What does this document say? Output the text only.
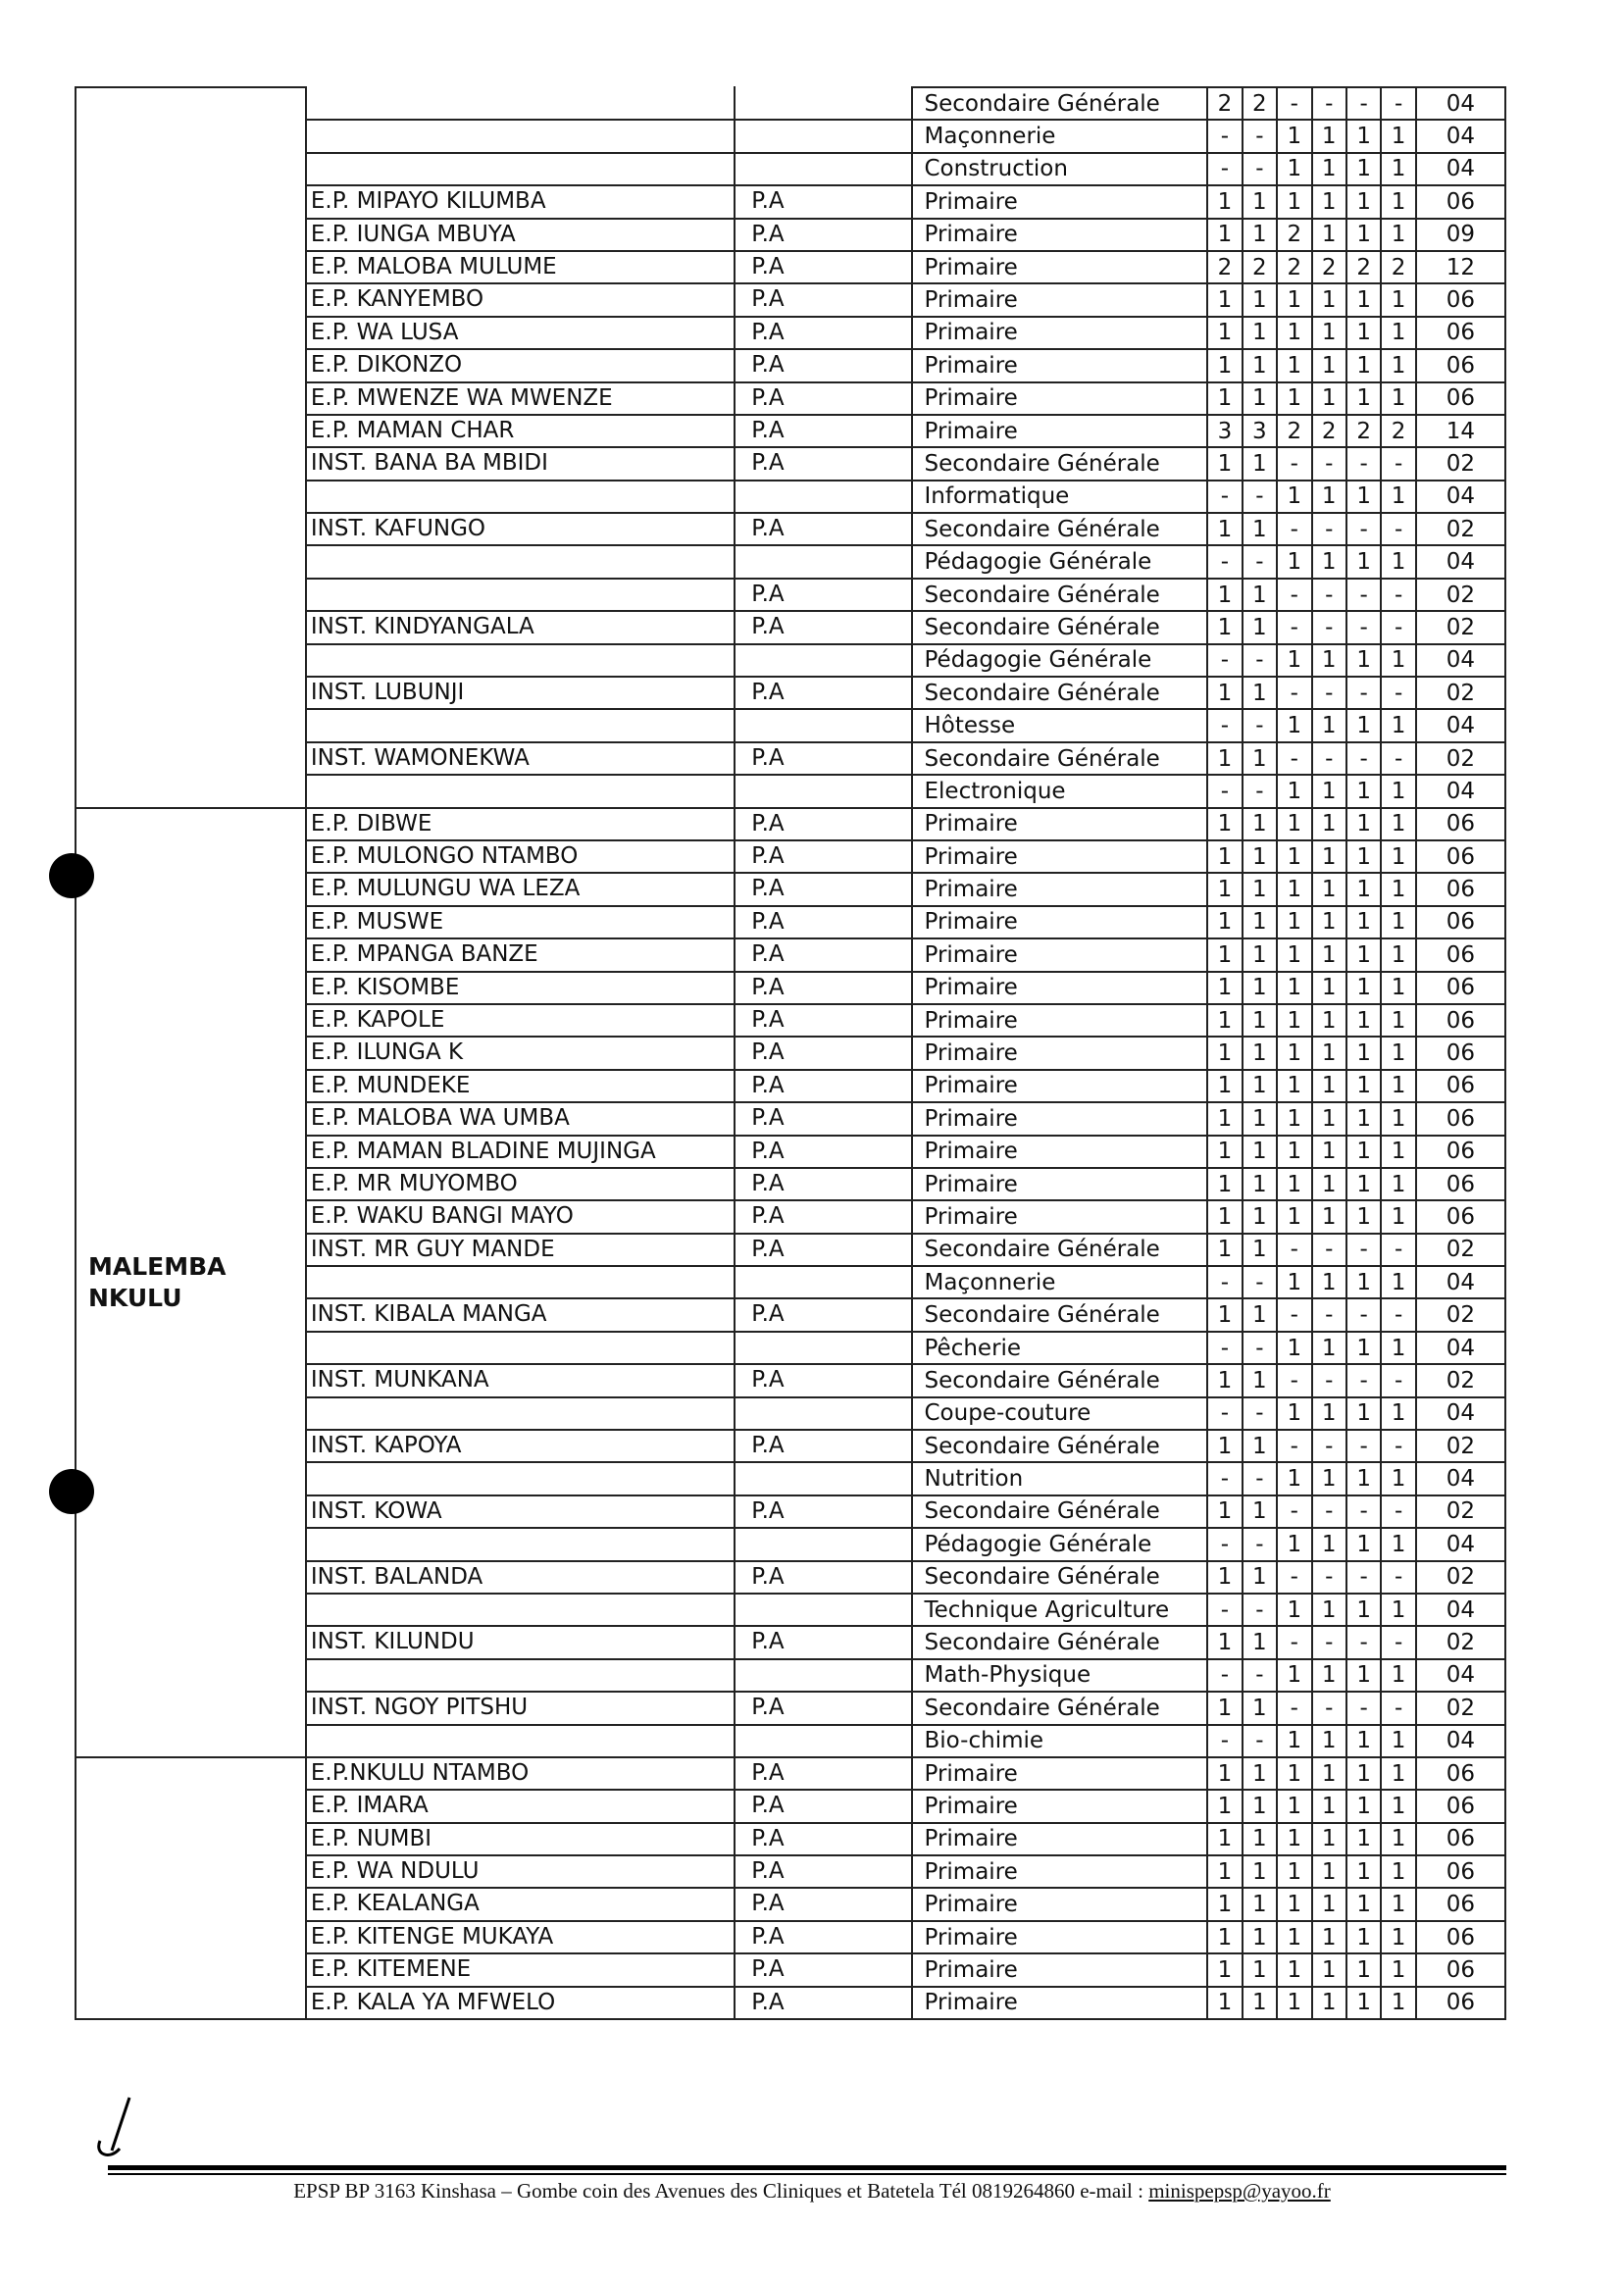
			Secondaire Générale	2	2	-	-	-	-	04
			Maçonnerie	-	-	1	1	1	1	04
			Construction	-	-	1	1	1	1	04
	E.P. MIPAYO KILUMBA	P.A	Primaire	1	1	1	1	1	1	06
	E.P. IUNGA MBUYA	P.A	Primaire	1	1	2	1	1	1	09
	E.P. MALOBA MULUME	P.A	Primaire	2	2	2	2	2	2	12
	E.P. KANYEMBO	P.A	Primaire	1	1	1	1	1	1	06
	E.P. WA LUSA	P.A	Primaire	1	1	1	1	1	1	06
	E.P. DIKONZO	P.A	Primaire	1	1	1	1	1	1	06
	E.P. MWENZE WA MWENZE	P.A	Primaire	1	1	1	1	1	1	06
	E.P. MAMAN CHAR	P.A	Primaire	3	3	2	2	2	2	14
	INST. BANA BA MBIDI	P.A	Secondaire Générale	1	1	-	-	-	-	02
			Informatique	-	-	1	1	1	1	04
	INST. KAFUNGO	P.A	Secondaire Générale	1	1	-	-	-	-	02
			Pédagogie Générale	-	-	1	1	1	1	04
		P.A	Secondaire Générale	1	1	-	-	-	-	02
	INST. KINDYANGALA	P.A	Secondaire Générale	1	1	-	-	-	-	02
			Pédagogie Générale	-	-	1	1	1	1	04
	INST. LUBUNJI	P.A	Secondaire Générale	1	1	-	-	-	-	02
			Hôtesse	-	-	1	1	1	1	04
	INST. WAMONEKWA	P.A	Secondaire Générale	1	1	-	-	-	-	02
			Electronique	-	-	1	1	1	1	04
MALEMBA NKULU	E.P. DIBWE	P.A	Primaire	1	1	1	1	1	1	06
	E.P. MULONGO NTAMBO	P.A	Primaire	1	1	1	1	1	1	06
	E.P. MULUNGU WA LEZA	P.A	Primaire	1	1	1	1	1	1	06
	E.P. MUSWE	P.A	Primaire	1	1	1	1	1	1	06
	E.P. MPANGA BANZE	P.A	Primaire	1	1	1	1	1	1	06
	E.P. KISOMBE	P.A	Primaire	1	1	1	1	1	1	06
	E.P. KAPOLE	P.A	Primaire	1	1	1	1	1	1	06
	E.P. ILUNGA K	P.A	Primaire	1	1	1	1	1	1	06
	E.P. MUNDEKE	P.A	Primaire	1	1	1	1	1	1	06
	E.P. MALOBA WA UMBA	P.A	Primaire	1	1	1	1	1	1	06
	E.P. MAMAN BLADINE MUJINGA	P.A	Primaire	1	1	1	1	1	1	06
	E.P. MR MUYOMBO	P.A	Primaire	1	1	1	1	1	1	06
	E.P. WAKU BANGI MAYO	P.A	Primaire	1	1	1	1	1	1	06
	INST. MR GUY MANDE	P.A	Secondaire Générale	1	1	-	-	-	-	02
			Maçonnerie	-	-	1	1	1	1	04
	INST. KIBALA MANGA	P.A	Secondaire Générale	1	1	-	-	-	-	02
			Pêcherie	-	-	1	1	1	1	04
	INST. MUNKANA	P.A	Secondaire Générale	1	1	-	-	-	-	02
			Coupe-couture	-	-	1	1	1	1	04
	INST. KAPOYA	P.A	Secondaire Générale	1	1	-	-	-	-	02
			Nutrition	-	-	1	1	1	1	04
	INST. KOWA	P.A	Secondaire Générale	1	1	-	-	-	-	02
			Pédagogie Générale	-	-	1	1	1	1	04
	INST. BALANDA	P.A	Secondaire Générale	1	1	-	-	-	-	02
			Technique Agriculture	-	-	1	1	1	1	04
	INST. KILUNDU	P.A	Secondaire Générale	1	1	-	-	-	-	02
			Math-Physique	-	-	1	1	1	1	04
	INST. NGOY PITSHU	P.A	Secondaire Générale	1	1	-	-	-	-	02
			Bio-chimie	-	-	1	1	1	1	04
	E.P.NKULU NTAMBO	P.A	Primaire	1	1	1	1	1	1	06
	E.P. IMARA	P.A	Primaire	1	1	1	1	1	1	06
	E.P. NUMBI	P.A	Primaire	1	1	1	1	1	1	06
	E.P. WA NDULU	P.A	Primaire	1	1	1	1	1	1	06
	E.P. KEALANGA	P.A	Primaire	1	1	1	1	1	1	06
	E.P. KITENGE MUKAYA	P.A	Primaire	1	1	1	1	1	1	06
	E.P. KITEMENE	P.A	Primaire	1	1	1	1	1	1	06
	E.P. KALA YA MFWELO	P.A	Primaire	1	1	1	1	1	1	06
EPSP BP 3163 Kinshasa – Gombe coin des Avenues des Cliniques et Batetela Tél 0819264860 e-mail : minispepsp@yayoo.fr
